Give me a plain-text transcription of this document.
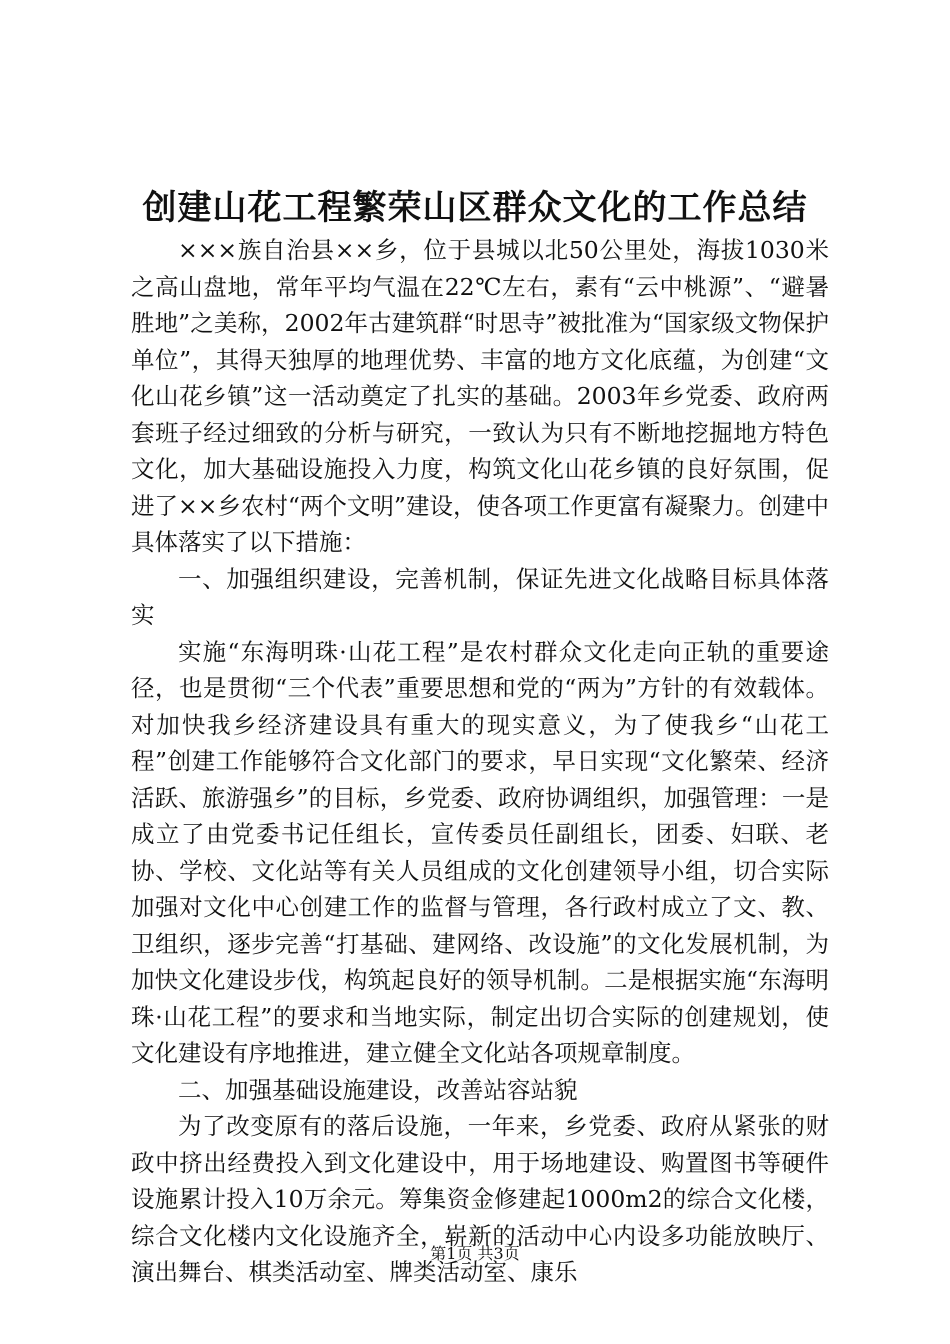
创建山花工程繁荣山区群众文化的工作总结

×××族自治县××乡，位于县城以北50公里处，海拔1030米之高山盘地，常年平均气温在22℃左右，素有“云中桃源”、“避暑胜地”之美称，2002年古建筑群“时思寺”被批准为“国家级文物保护单位”，其得天独厚的地理优势、丰富的地方文化底蕴，为创建“文化山花乡镇”这一活动奠定了扎实的基础。2003年乡党委、政府两套班子经过细致的分析与研究，一致认为只有不断地挖掘地方特色文化，加大基础设施投入力度，构筑文化山花乡镇的良好氛围，促进了××乡农村“两个文明”建设，使各项工作更富有凝聚力。创建中具体落实了以下措施：

一、加强组织建设，完善机制，保证先进文化战略目标具体落实

实施“东海明珠·山花工程”是农村群众文化走向正轨的重要途径，也是贯彻“三个代表”重要思想和党的“两为”方针的有效载体。对加快我乡经济建设具有重大的现实意义，为了使我乡“山花工程”创建工作能够符合文化部门的要求，早日实现“文化繁荣、经济活跃、旅游强乡”的目标，乡党委、政府协调组织，加强管理：一是成立了由党委书记任组长，宣传委员任副组长，团委、妇联、老协、学校、文化站等有关人员组成的文化创建领导小组，切合实际加强对文化中心创建工作的监督与管理，各行政村成立了文、教、卫组织，逐步完善“打基础、建网络、改设施”的文化发展机制，为加快文化建设步伐，构筑起良好的领导机制。二是根据实施“东海明珠·山花工程”的要求和当地实际，制定出切合实际的创建规划，使文化建设有序地推进，建立健全文化站各项规章制度。

二、加强基础设施建设，改善站容站貌

为了改变原有的落后设施，一年来，乡党委、政府从紧张的财政中挤出经费投入到文化建设中，用于场地建设、购置图书等硬件设施累计投入10万余元。筹集资金修建起1000m2的综合文化楼，综合文化楼内文化设施齐全，崭新的活动中心内设多功能放映厅、演出舞台、棋类活动室、牌类活动室、康乐

第1页 共3页
